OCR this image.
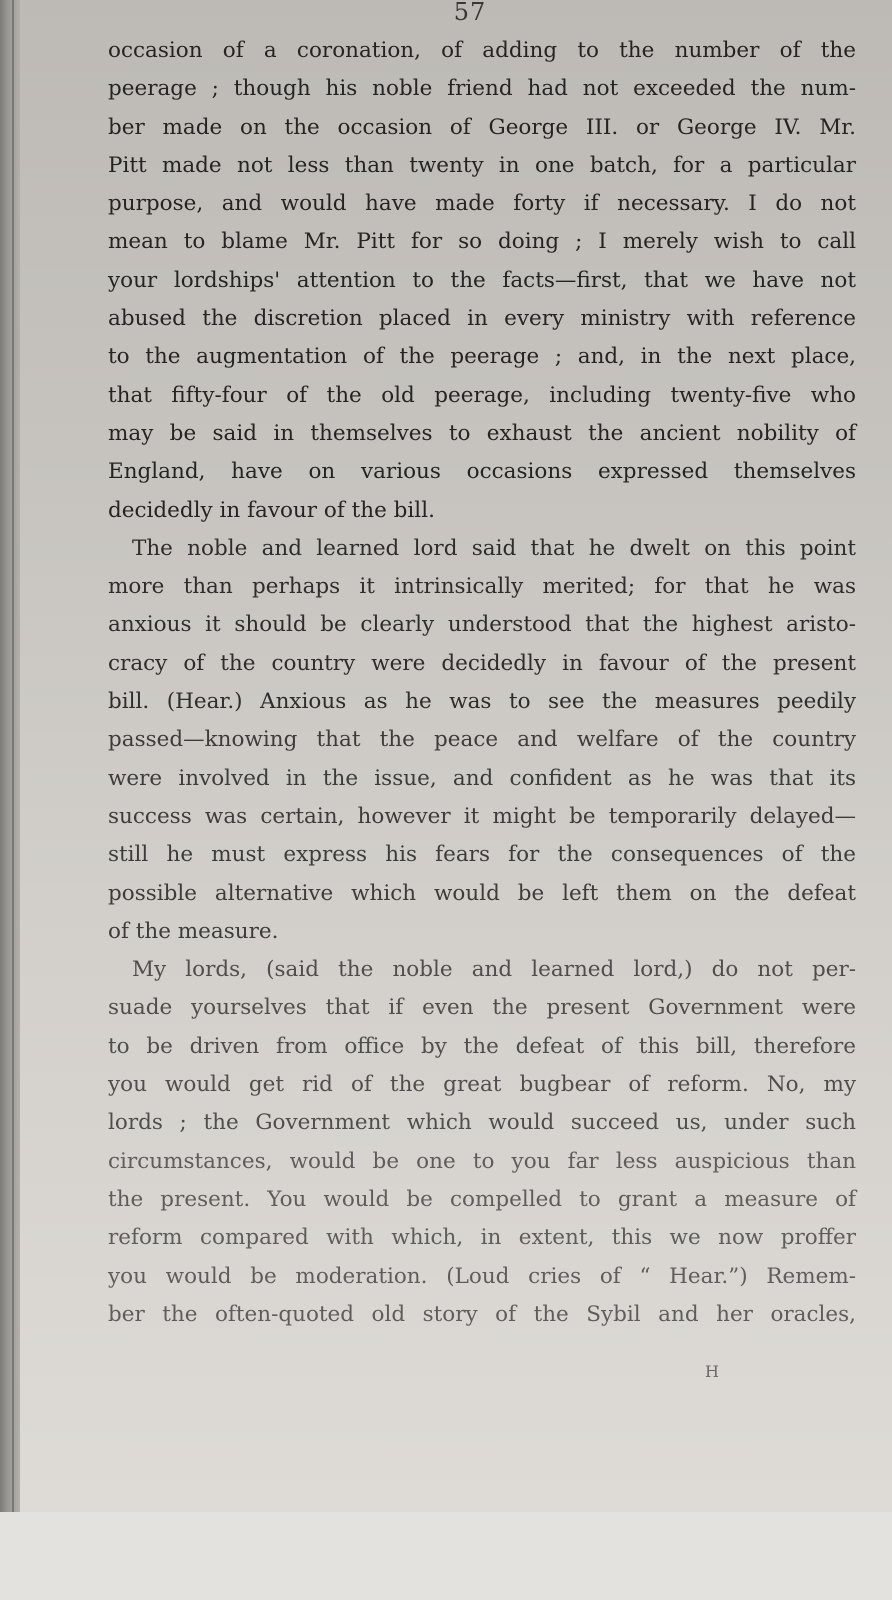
57
occasion of a coronation, of adding to the number of the
peerage ; though his noble friend had not exceeded the num-
ber made on the occasion of George III. or George IV. Mr.
Pitt made not less than twenty in one batch, for a particular
purpose, and would have made forty if necessary. I do not
mean to blame Mr. Pitt for so doing ; I merely wish to call
your lordships' attention to the facts—first, that we have not
abused the discretion placed in every ministry with reference
to the augmentation of the peerage ; and, in the next place,
that fifty-four of the old peerage, including twenty-five who
may be said in themselves to exhaust the ancient nobility of
England, have on various occasions expressed themselves
decidedly in favour of the bill.
The noble and learned lord said that he dwelt on this point
more than perhaps it intrinsically merited; for that he was
anxious it should be clearly understood that the highest aristo-
cracy of the country were decidedly in favour of the present
bill. (Hear.) Anxious as he was to see the measures peedily
passed—knowing that the peace and welfare of the country
were involved in the issue, and confident as he was that its
success was certain, however it might be temporarily delayed—
still he must express his fears for the consequences of the
possible alternative which would be left them on the defeat
of the measure.
My lords, (said the noble and learned lord,) do not per-
suade yourselves that if even the present Government were
to be driven from office by the defeat of this bill, therefore
you would get rid of the great bugbear of reform. No, my
lords ; the Government which would succeed us, under such
circumstances, would be one to you far less auspicious than
the present. You would be compelled to grant a measure of
reform compared with which, in extent, this we now proffer
you would be moderation. (Loud cries of “ Hear.”) Remem-
ber the often-quoted old story of the Sybil and her oracles,
H
